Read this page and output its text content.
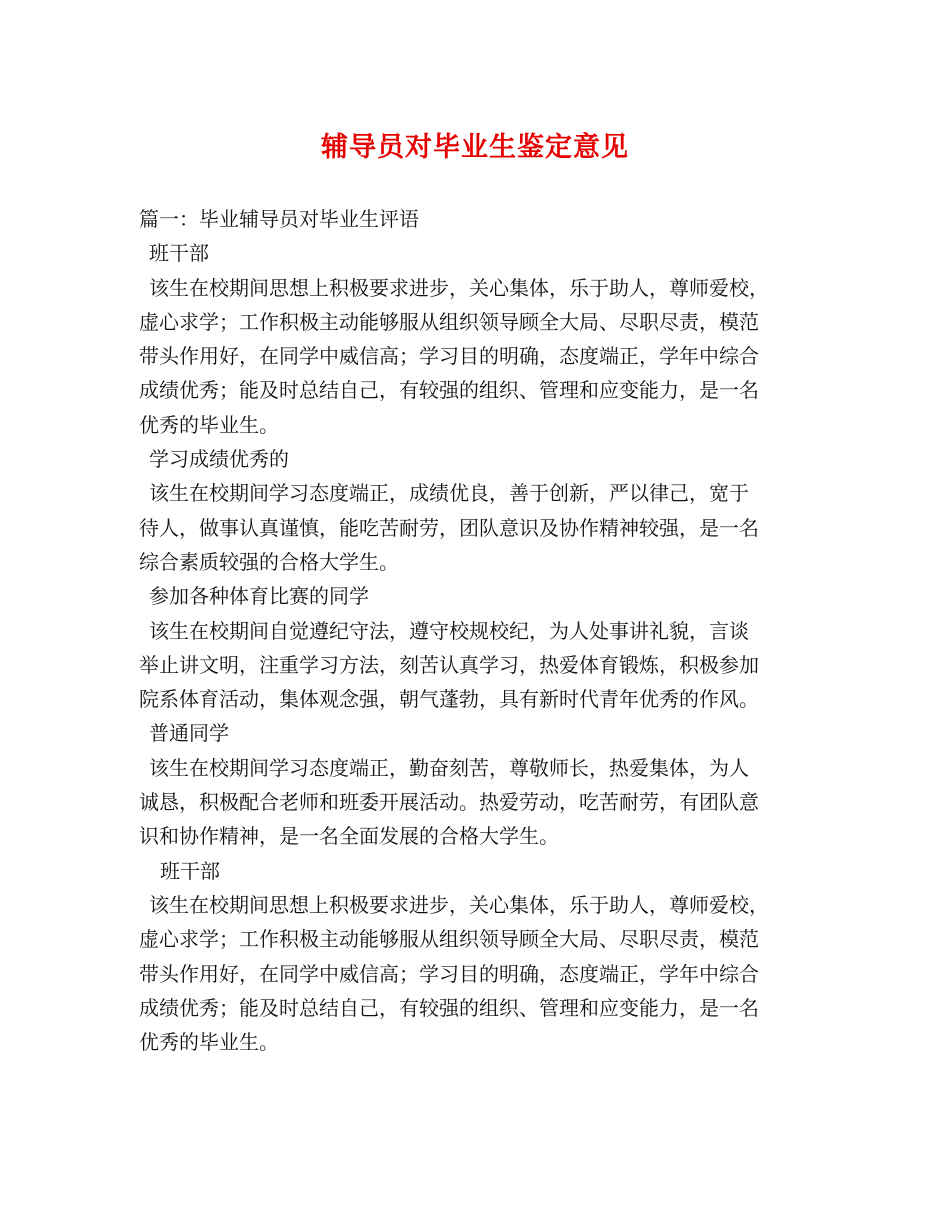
辅导员对毕业生鉴定意见

篇一：毕业辅导员对毕业生评语

班干部

该生在校期间思想上积极要求进步，关心集体，乐于助人，尊师爱校，

虚心求学；工作积极主动能够服从组织领导顾全大局、尽职尽责，模范

带头作用好，在同学中威信高；学习目的明确，态度端正，学年中综合

成绩优秀；能及时总结自己，有较强的组织、管理和应变能力，是一名

优秀的毕业生。

学习成绩优秀的

该生在校期间学习态度端正，成绩优良，善于创新，严以律己，宽于

待人，做事认真谨慎，能吃苦耐劳，团队意识及协作精神较强，是一名

综合素质较强的合格大学生。

参加各种体育比赛的同学

该生在校期间自觉遵纪守法，遵守校规校纪，为人处事讲礼貌，言谈

举止讲文明，注重学习方法，刻苦认真学习，热爱体育锻炼，积极参加

院系体育活动，集体观念强，朝气蓬勃，具有新时代青年优秀的作风。

普通同学

该生在校期间学习态度端正，勤奋刻苦，尊敬师长，热爱集体，为人

诚恳，积极配合老师和班委开展活动。热爱劳动，吃苦耐劳，有团队意

识和协作精神，是一名全面发展的合格大学生。

班干部

该生在校期间思想上积极要求进步，关心集体，乐于助人，尊师爱校，

虚心求学；工作积极主动能够服从组织领导顾全大局、尽职尽责，模范

带头作用好，在同学中威信高；学习目的明确，态度端正，学年中综合

成绩优秀；能及时总结自己，有较强的组织、管理和应变能力，是一名

优秀的毕业生。
